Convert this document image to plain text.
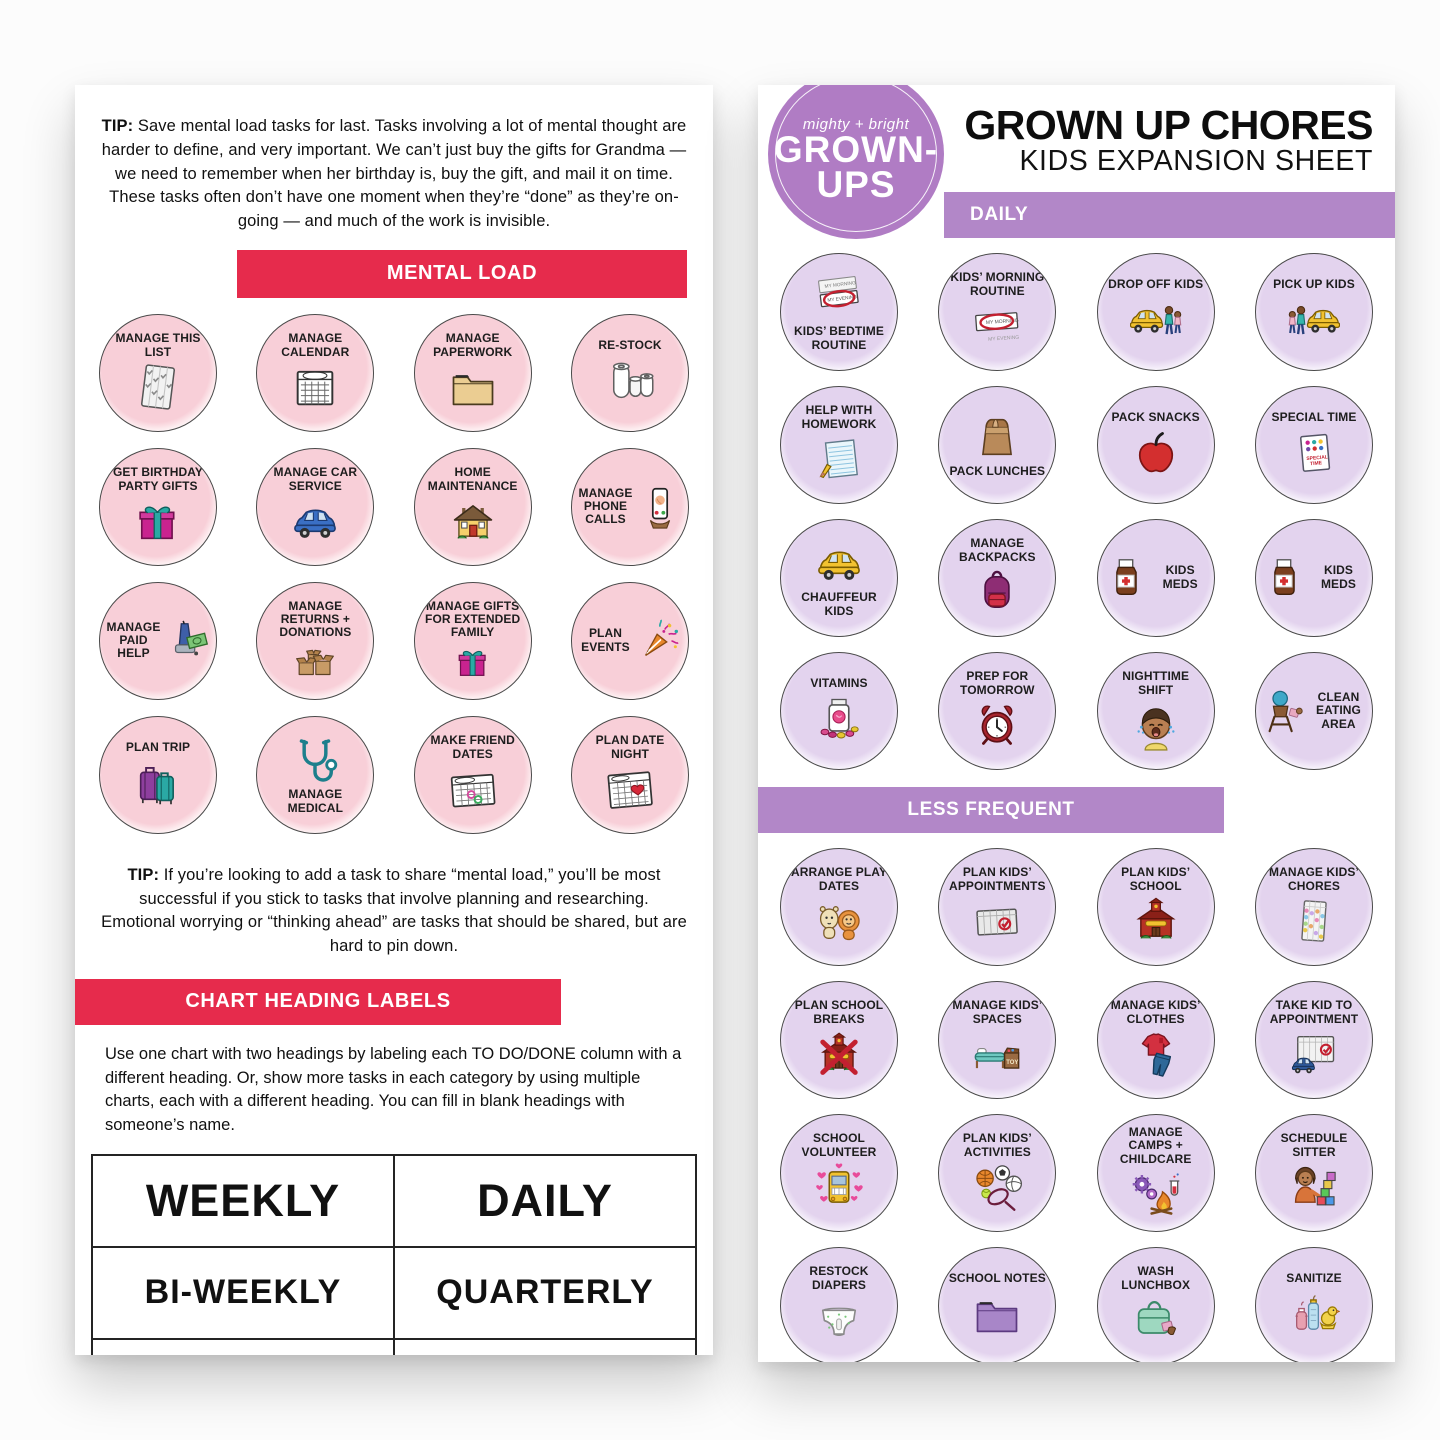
TIP: Save mental load tasks for last. Tasks involving a lot of mental thought are harder to define, and very important. We can’t just buy the gifts for Grandma — we need to remember when her birthday is, buy the gift, and mail it on time. These tasks often don’t have one moment when they’re “done” as they’re on-going — and much of the work is invisible.

MENTAL LOAD
MANAGE THIS LIST
MANAGE CALENDAR
MANAGE PAPERWORK	RE-STOCK
GET BIRTHDAY PARTY GIFTS
MANAGE CAR SERVICE
HOME MAINTENANCE	MANAGE PHONE CALLS
MANAGE PAID HELP
MANAGE RETURNS + DONATIONS
MANAGE GIFTS FOR EXTENDED FAMILY	PLAN EVENTS
PLAN TRIP
MANAGE MEDICAL
MAKE FRIEND DATES
PLAN DATE NIGHT

TIP: If you’re looking to add a task to share “mental load,” you’ll be most successful if you stick to tasks that involve planning and researching. Emotional worrying or “thinking ahead” are tasks that should be shared, but are hard to pin down.

CHART HEADING LABELS

Use one chart with two headings by labeling each TO DO/DONE column with a different heading. Or, show more tasks in each category by using multiple charts, each with a different heading. You can fill in blank headings with someone’s name.

WEEKLY	DAILY
BI-WEEKLY	QUARTERLY

mighty + bright
GROWN-
UPS
GROWN UP CHORES
KIDS EXPANSION SHEET
DAILY
MY MORNING
MY EVENING
KIDS’ BEDTIME ROUTINE
KIDS’ MORNING ROUTINE
MY MORNING
MY EVENING
DROP OFF KIDS	PICK UP KIDS
HELP WITH HOMEWORK
PACK LUNCHES
PACK SNACKS	SPECIAL TIME
SPECIAL
TIME
CHAUFFEUR KIDS
MANAGE BACKPACKS
KIDS MEDS
KIDS MEDS
VITAMINS	PREP FOR TOMORROW
NIGHTTIME SHIFT	CLEAN EATING AREA
LESS FREQUENT
ARRANGE PLAY DATES
PLAN KIDS’ APPOINTMENTS
PLAN KIDS’ SCHOOL
MANAGE KIDS’ CHORES
PLAN SCHOOL BREAKS
MANAGE KIDS’ SPACES
TOY
MANAGE KIDS’ CLOTHES
TAKE KID TO APPOINTMENT
SCHOOL VOLUNTEER
PLAN KIDS’ ACTIVITIES
MANAGE CAMPS + CHILDCARE
SCHEDULE SITTER
RESTOCK DIAPERS	SCHOOL NOTES	WASH LUNCHBOX	SANITIZE
